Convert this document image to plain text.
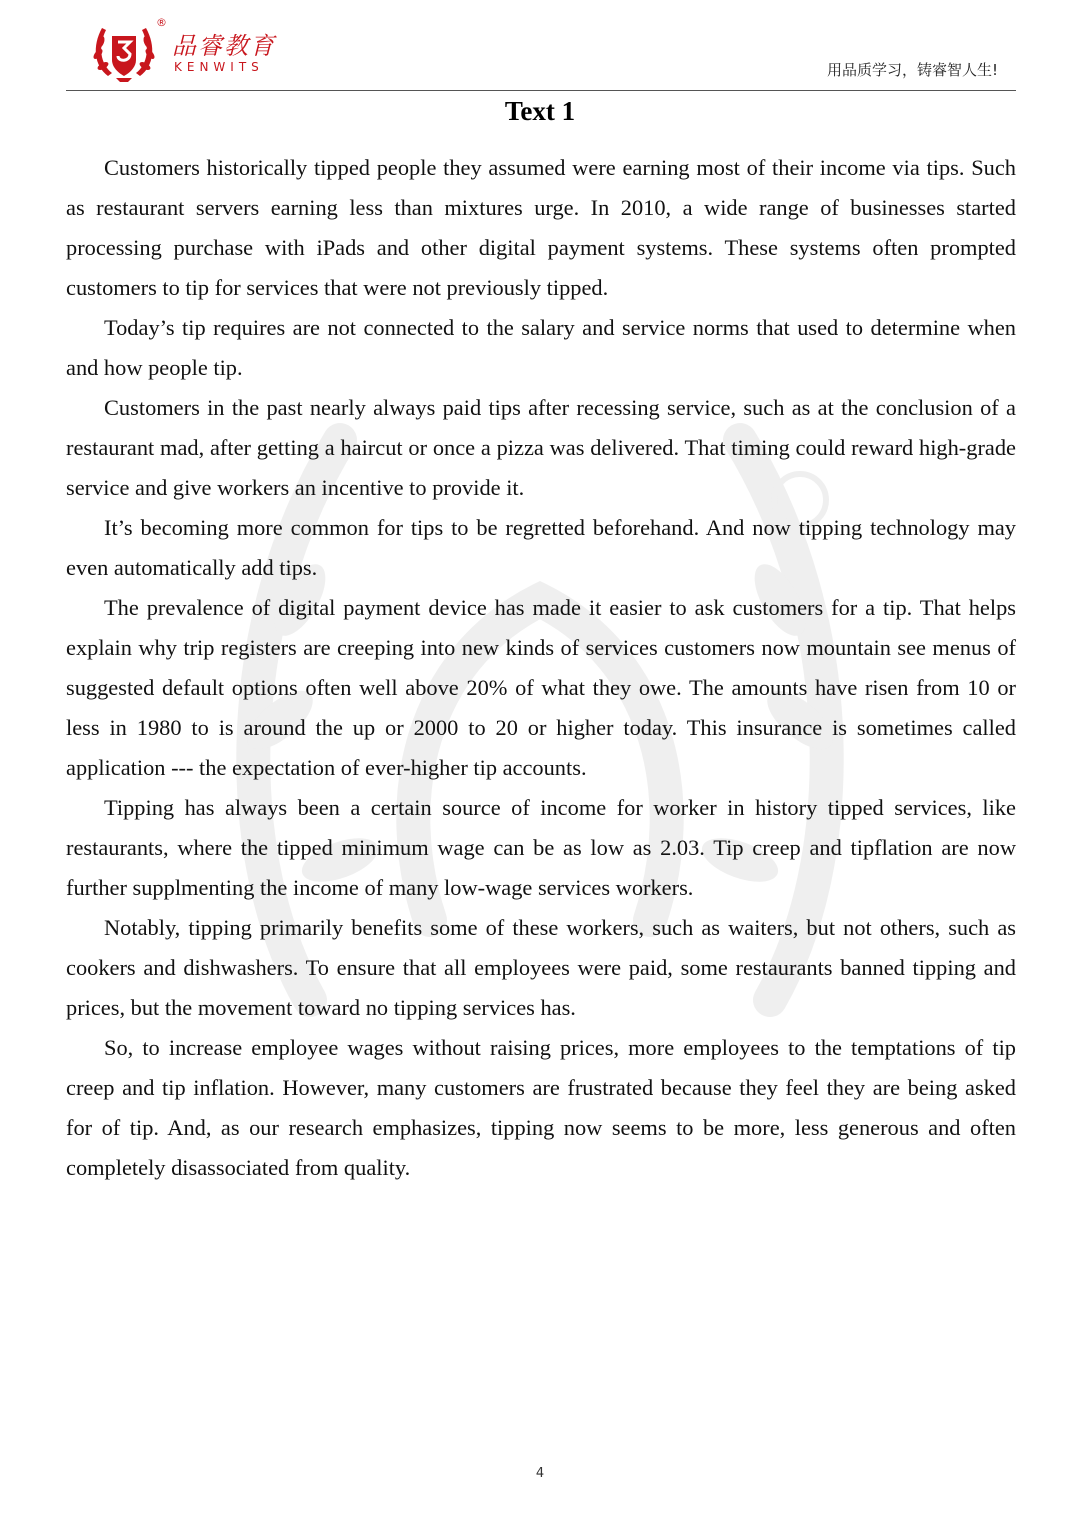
®
品睿教育
KENWITS	用品质学习，铸睿智人生!
Text 1

Customers historically tipped people they assumed were earning most of their income via tips. Such as restaurant servers earning less than mixtures urge. In 2010, a wide range of businesses started processing purchase with iPads and other digital payment systems. These systems often prompted customers to tip for services that were not previously tipped.

Today’s tip requires are not connected to the salary and service norms that used to determine when and how people tip.

Customers in the past nearly always paid tips after recessing service, such as at the conclusion of a restaurant mad, after getting a haircut or once a pizza was delivered. That timing could reward high-grade service and give workers an incentive to provide it.

It’s becoming more common for tips to be regretted beforehand. And now tipping technology may even automatically add tips.

The prevalence of digital payment device has made it easier to ask customers for a tip. That helps explain why trip registers are creeping into new kinds of services customers now mountain see menus of suggested default options often well above 20% of what they owe. The amounts have risen from 10 or less in 1980 to is around the up or 2000 to 20 or higher today. This insurance is sometimes called application --- the expectation of ever-higher tip accounts.

Tipping has always been a certain source of income for worker in history tipped services, like restaurants, where the tipped minimum wage can be as low as 2.03. Tip creep and tipflation are now further supplmenting the income of many low-wage services workers.

Notably, tipping primarily benefits some of these workers, such as waiters, but not others, such as cookers and dishwashers. To ensure that all employees were paid, some restaurants banned tipping and prices, but the movement toward no tipping services has.

So, to increase employee wages without raising prices, more employees to the temptations of tip creep and tip inflation. However, many customers are frustrated because they feel they are being asked for of tip. And, as our research emphasizes, tipping now seems to be more, less generous and often completely disassociated from quality.

4
